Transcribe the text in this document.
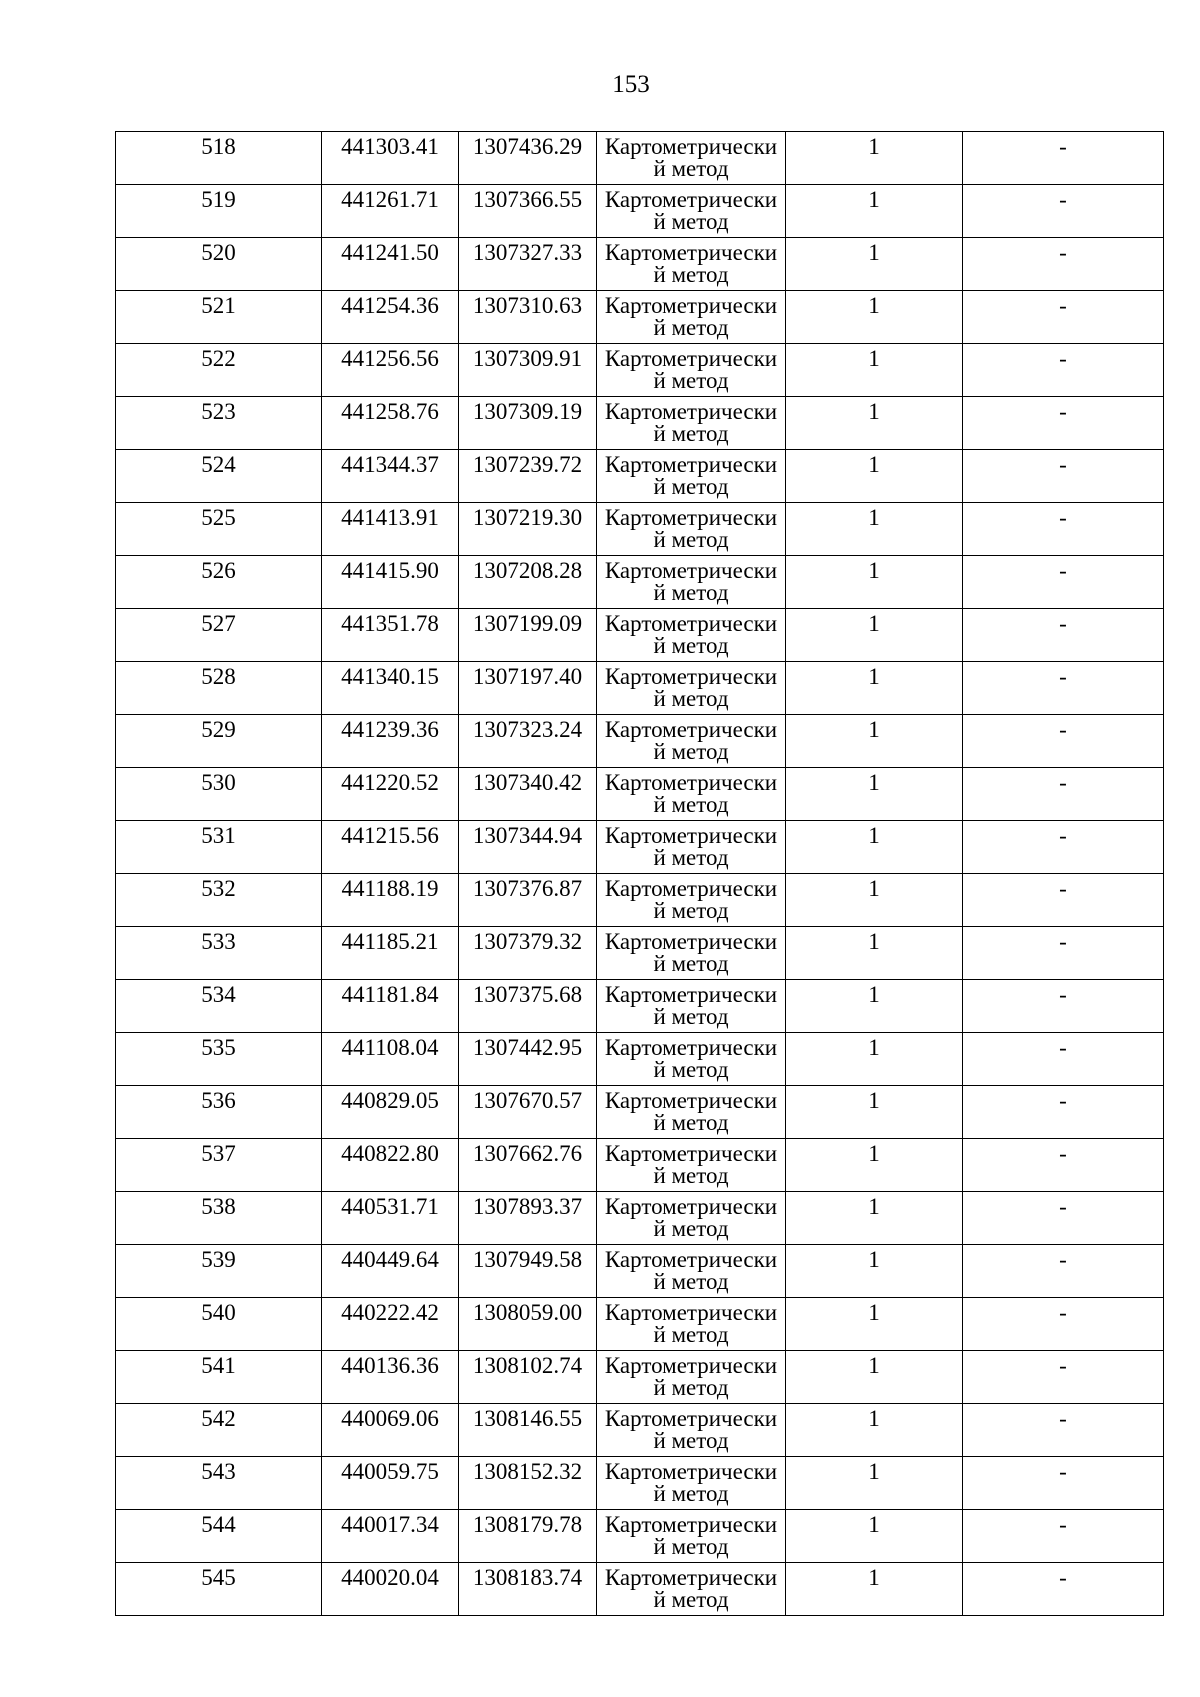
153
518	441303.41	1307436.29	Картометрически
й метод	1	-
519	441261.71	1307366.55	Картометрически
й метод	1	-
520	441241.50	1307327.33	Картометрически
й метод	1	-
521	441254.36	1307310.63	Картометрически
й метод	1	-
522	441256.56	1307309.91	Картометрически
й метод	1	-
523	441258.76	1307309.19	Картометрически
й метод	1	-
524	441344.37	1307239.72	Картометрически
й метод	1	-
525	441413.91	1307219.30	Картометрически
й метод	1	-
526	441415.90	1307208.28	Картометрически
й метод	1	-
527	441351.78	1307199.09	Картометрически
й метод	1	-
528	441340.15	1307197.40	Картометрически
й метод	1	-
529	441239.36	1307323.24	Картометрически
й метод	1	-
530	441220.52	1307340.42	Картометрически
й метод	1	-
531	441215.56	1307344.94	Картометрически
й метод	1	-
532	441188.19	1307376.87	Картометрически
й метод	1	-
533	441185.21	1307379.32	Картометрически
й метод	1	-
534	441181.84	1307375.68	Картометрически
й метод	1	-
535	441108.04	1307442.95	Картометрически
й метод	1	-
536	440829.05	1307670.57	Картометрически
й метод	1	-
537	440822.80	1307662.76	Картометрически
й метод	1	-
538	440531.71	1307893.37	Картометрически
й метод	1	-
539	440449.64	1307949.58	Картометрически
й метод	1	-
540	440222.42	1308059.00	Картометрически
й метод	1	-
541	440136.36	1308102.74	Картометрически
й метод	1	-
542	440069.06	1308146.55	Картометрически
й метод	1	-
543	440059.75	1308152.32	Картометрически
й метод	1	-
544	440017.34	1308179.78	Картометрически
й метод	1	-
545	440020.04	1308183.74	Картометрически
й метод	1	-
